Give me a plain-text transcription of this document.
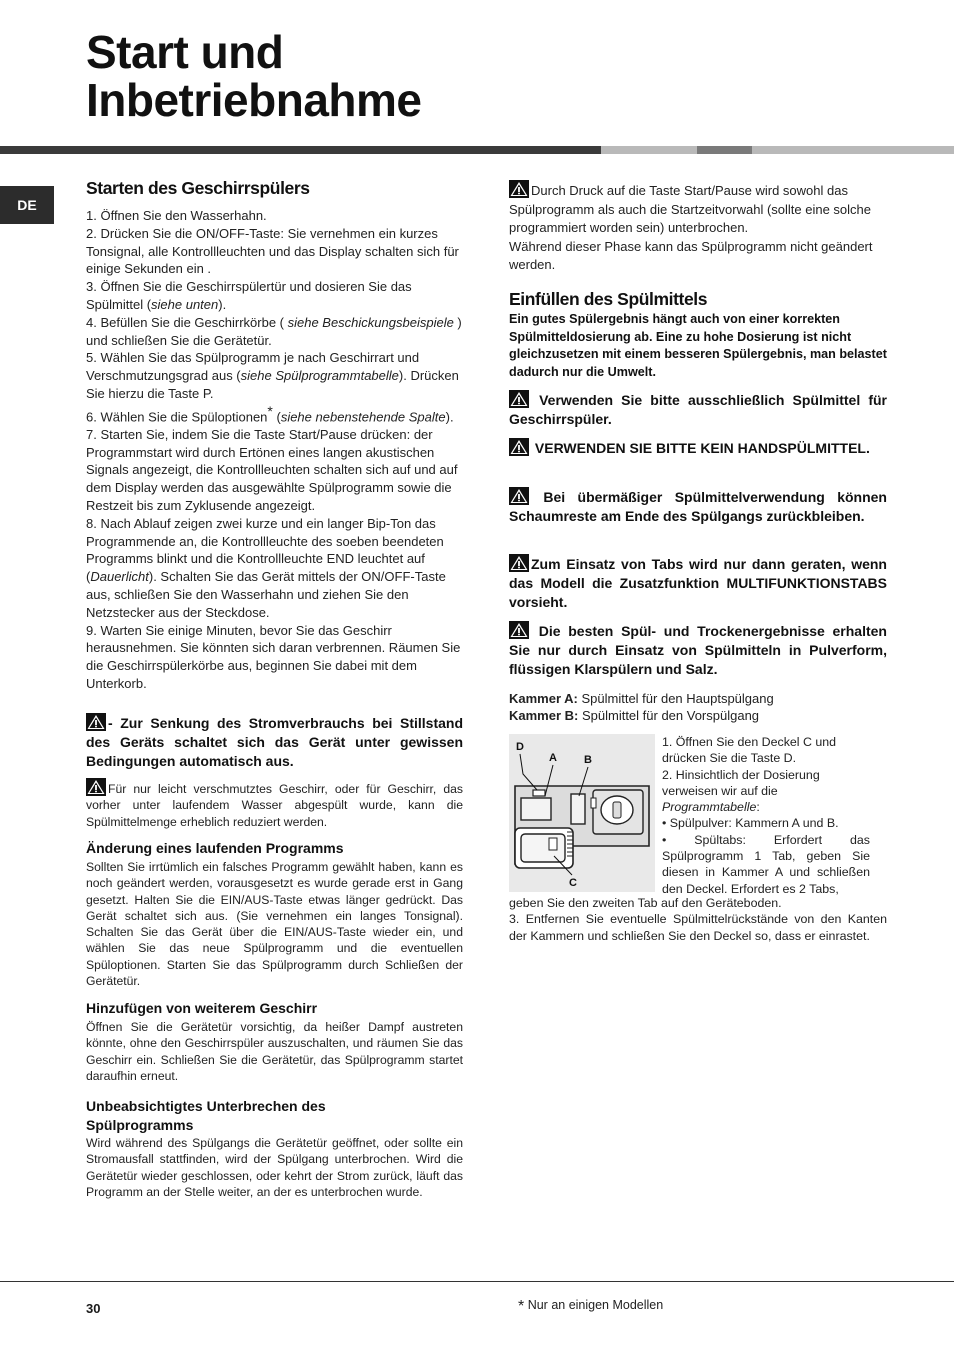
Start und
Inbetriebnahme
DE
Starten des Geschirrspülers

1. Öffnen Sie den Wasserhahn.

2. Drücken Sie die ON/OFF-Taste: Sie vernehmen ein kurzes Tonsignal, alle Kontrollleuchten und das Display schalten sich für einige Sekunden ein .

3. Öffnen Sie die Geschirrspülertür und dosieren Sie das Spülmittel (siehe unten).

4. Befüllen Sie die Geschirrkörbe ( siehe Beschickungsbeispiele ) und schließen Sie die Gerätetür.

5. Wählen Sie das Spülprogramm je nach Geschirrart und Verschmutzungsgrad aus (siehe Spülprogrammtabelle). Drücken Sie hierzu die Taste P.

6. Wählen Sie die Spüloptionen* (siehe nebenstehende Spalte).

7. Starten Sie, indem Sie die Taste Start/Pause drücken: der Programmstart wird durch Ertönen eines langen akustischen Signals angezeigt, die Kontrollleuchten schalten sich auf und auf dem Display werden das ausgewählte Spülprogramm sowie die Restzeit bis zum Zyklusende angezeigt.

8. Nach Ablauf zeigen zwei kurze und ein langer Bip-Ton das Programmende an, die Kontrollleuchte des soeben beendeten Programms blinkt und die Kontrollleuchte END leuchtet auf (Dauerlicht). Schalten Sie das Gerät mittels der ON/OFF-Taste aus, schließen Sie den Wasserhahn und ziehen Sie den Netzstecker aus der Steckdose.

9. Warten Sie einige Minuten, bevor Sie das Geschirr herausnehmen. Sie könnten sich daran verbrennen. Räumen Sie die Geschirrspülerkörbe aus, beginnen Sie dabei mit dem Unterkorb.

- Zur Senkung des Stromverbrauchs bei Stillstand des Geräts schaltet sich das Gerät unter gewissen Bedingungen automatisch aus.
Für nur leicht verschmutztes Geschirr, oder für Geschirr, das vorher unter laufendem Wasser abgespült wurde, kann die Spülmittelmenge erheblich reduziert werden.
Änderung eines laufenden Programms
Sollten Sie irrtümlich ein falsches Programm gewählt haben, kann es noch geändert werden, vorausgesetzt es wurde gerade erst in Gang gesetzt. Halten Sie die EIN/AUS-Taste etwas länger gedrückt. Das Gerät schaltet sich aus. (Sie vernehmen ein langes Tonsignal). Schalten Sie das Gerät über die EIN/AUS-Taste wieder ein, und wählen Sie das neue Spülprogramm und die eventuellen Spüloptionen. Starten Sie das Spülprogramm durch Schließen der Gerätetür.
Hinzufügen von weiterem Geschirr
Öffnen Sie die Gerätetür vorsichtig, da heißer Dampf austreten könnte, ohne den Geschirrspüler auszuschalten, und räumen Sie das Geschirr ein. Schließen Sie die Gerätetür, das Spülprogramm startet daraufhin erneut.
Unbeabsichtigtes Unterbrechen des Spülprogramms
Wird während des Spülgangs die Gerätetür geöffnet, oder sollte ein Stromausfall stattfinden, wird der Spülgang unterbrochen. Wird die Gerätetür wieder geschlossen, oder kehrt der Strom zurück, läuft das Programm an der Stelle weiter, an der es unterbrochen wurde.
Durch Druck auf die Taste Start/Pause wird sowohl das Spülprogramm als auch die Startzeitvorwahl (sollte eine solche programmiert worden sein) unterbrochen.
Während dieser Phase kann das Spülprogramm nicht geändert werden.
Einfüllen des Spülmittels
Ein gutes Spülergebnis hängt auch von einer korrekten Spülmitteldosierung ab. Eine zu hohe Dosierung ist nicht gleichzusetzen mit einem besseren Spülergebnis, man belastet dadurch nur die Umwelt.
Verwenden Sie bitte ausschließlich Spülmittel für Geschirrspüler.
VERWENDEN SIE BITTE KEIN HANDSPÜLMITTEL.
Bei übermäßiger Spülmittelverwendung können Schaumreste am Ende des Spülgangs zurückbleiben.
Zum Einsatz von Tabs wird nur dann geraten, wenn das Modell die Zusatzfunktion MULTIFUNKTIONSTABS vorsieht.
Die besten Spül- und Trockenergebnisse erhalten Sie nur durch Einsatz von Spülmitteln in Pulverform, flüssigen Klarspülern und Salz.
Kammer A: Spülmittel für den Hauptspülgang
Kammer B: Spülmittel für den Vorspülgang
D
A B
C
1. Öffnen Sie den Deckel C und drücken Sie die Taste D.
2. Hinsichtlich der Dosierung verweisen wir auf die Programmtabelle:
• Spülpulver: Kammern A und B.
• Spültabs: Erfordert das Spülprogramm 1 Tab, geben Sie diesen in Kammer A und schließen den Deckel. Erfordert es 2 Tabs,
geben Sie den zweiten Tab auf den Geräteboden.
3. Entfernen Sie eventuelle Spülmittelrückstände von den Kanten der Kammern und schließen Sie den Deckel so, dass er einrastet.
30	* Nur an einigen Modellen
